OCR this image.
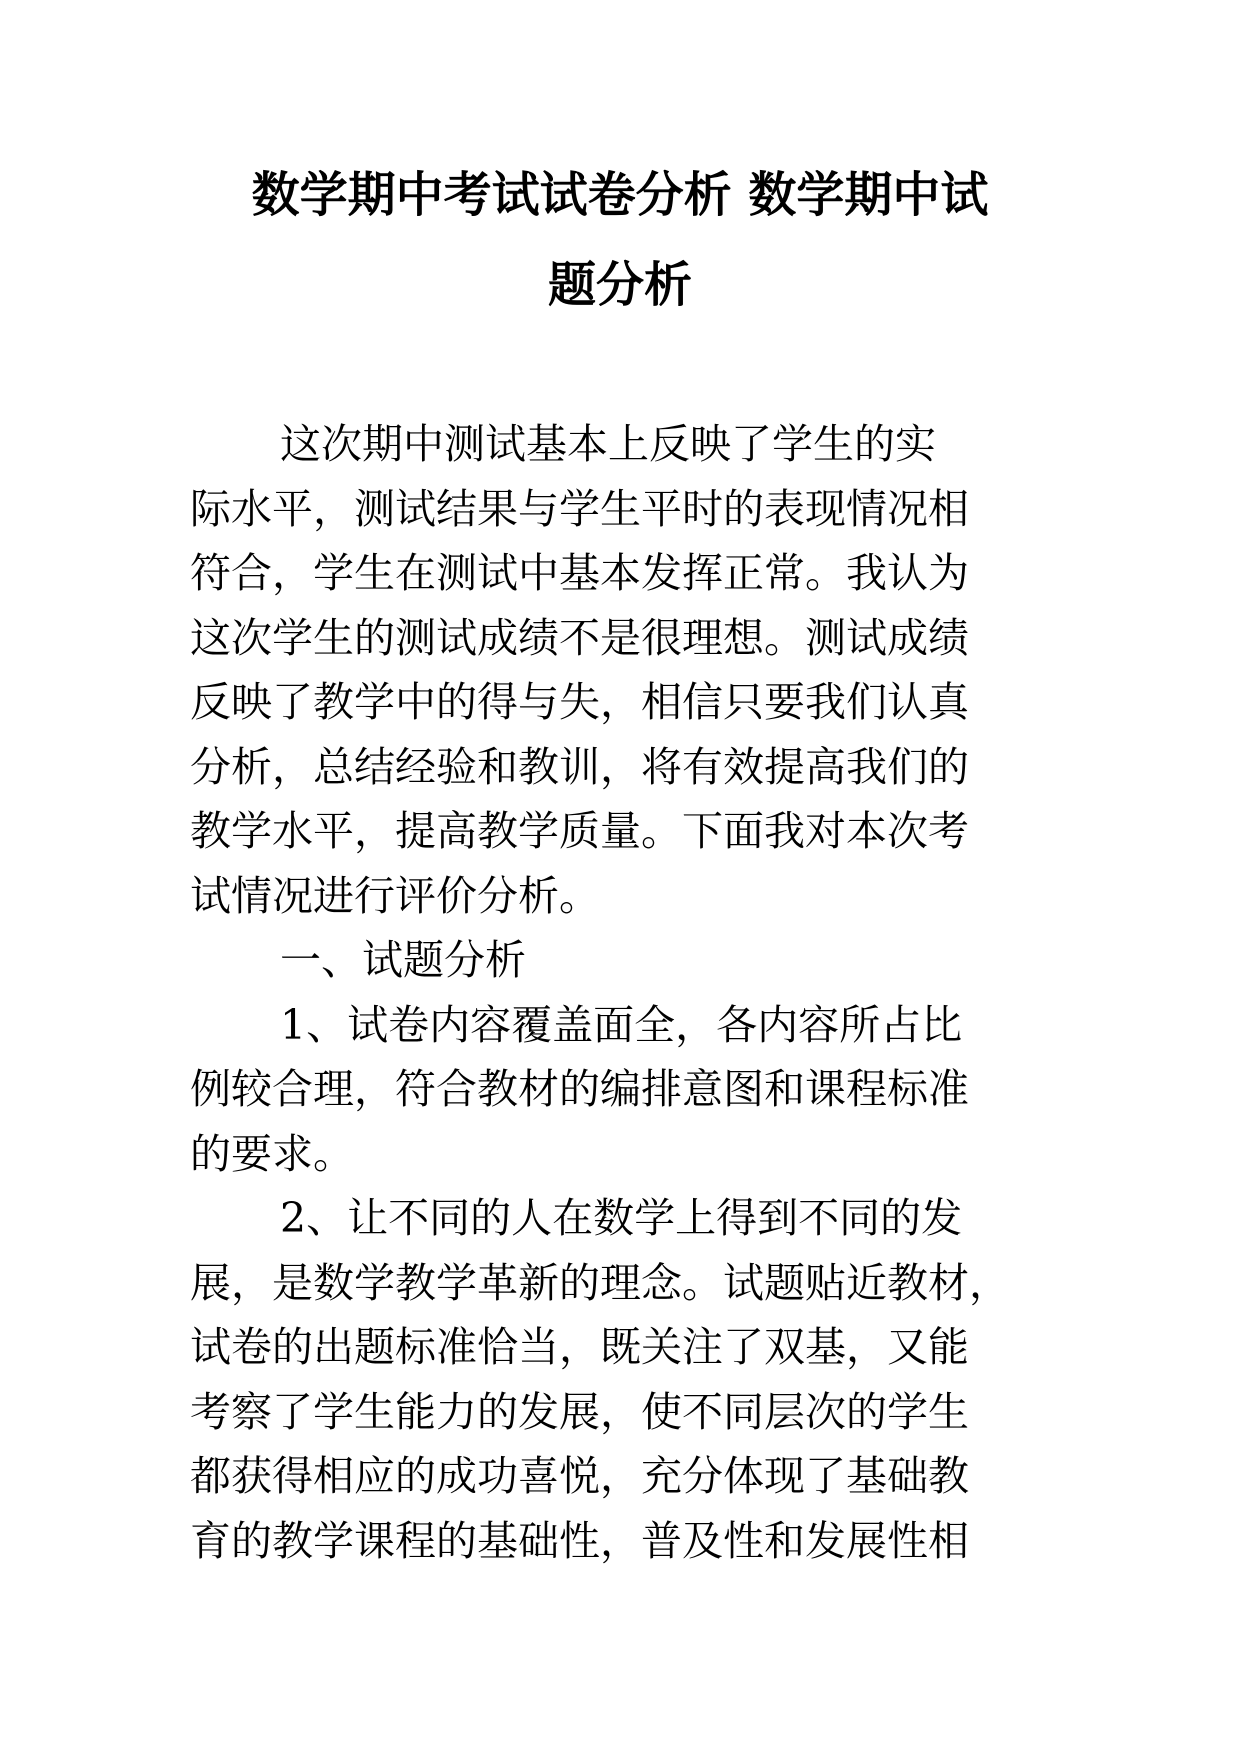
数学期中考试试卷分析 数学期中试
题分析
这次期中测试基本上反映了学生的实
际水平，测试结果与学生平时的表现情况相
符合，学生在测试中基本发挥正常。我认为
这次学生的测试成绩不是很理想。测试成绩
反映了教学中的得与失，相信只要我们认真
分析，总结经验和教训，将有效提高我们的
教学水平，提高教学质量。下面我对本次考
试情况进行评价分析。
一、试题分析
1、试卷内容覆盖面全，各内容所占比
例较合理，符合教材的编排意图和课程标准
的要求。
2、让不同的人在数学上得到不同的发
展，是数学教学革新的理念。试题贴近教材，
试卷的出题标准恰当，既关注了双基，又能
考察了学生能力的发展，使不同层次的学生
都获得相应的成功喜悦，充分体现了基础教
育的教学课程的基础性，普及性和发展性相
